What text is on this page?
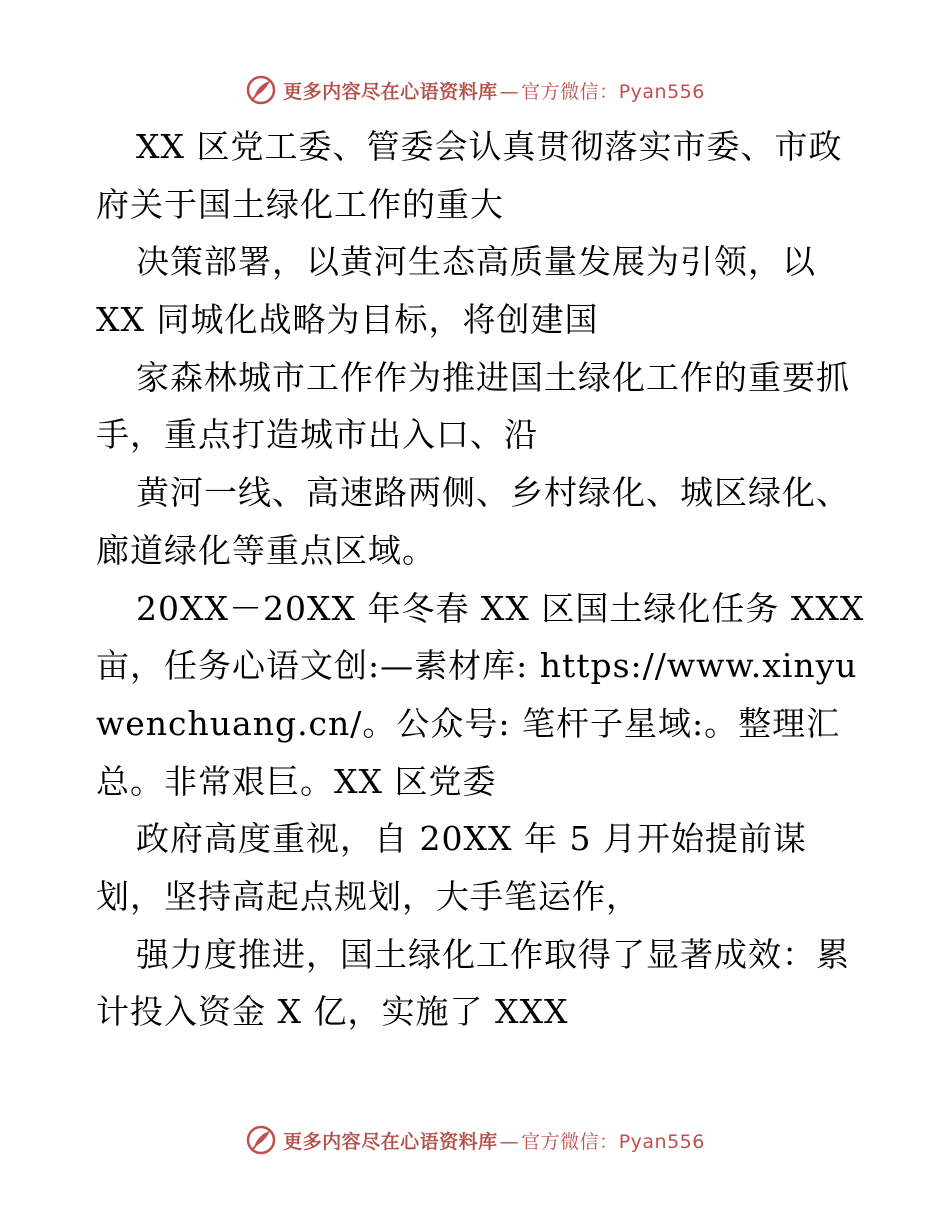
更多内容尽在心语资料库 — 官方微信：Pyan556
XX 区党工委、管委会认真贯彻落实市委、市政
府关于国土绿化工作的重大
决策部署，以黄河生态高质量发展为引领，以
XX 同城化战略为目标，将创建国
家森林城市工作作为推进国土绿化工作的重要抓
手，重点打造城市出入口、沿
黄河一线、高速路两侧、乡村绿化、城区绿化、
廊道绿化等重点区域。
20XX－20XX 年冬春 XX 区国土绿化任务 XXX
亩，任务心语文创:—素材库: https://www.xinyu
wenchuang.cn/。公众号: 笔杆子星域:。整理汇
总。非常艰巨。XX 区党委
政府高度重视，自 20XX 年 5 月开始提前谋
划，坚持高起点规划，大手笔运作，
强力度推进，国土绿化工作取得了显著成效：累
计投入资金 X 亿，实施了 XXX
更多内容尽在心语资料库 — 官方微信：Pyan556
